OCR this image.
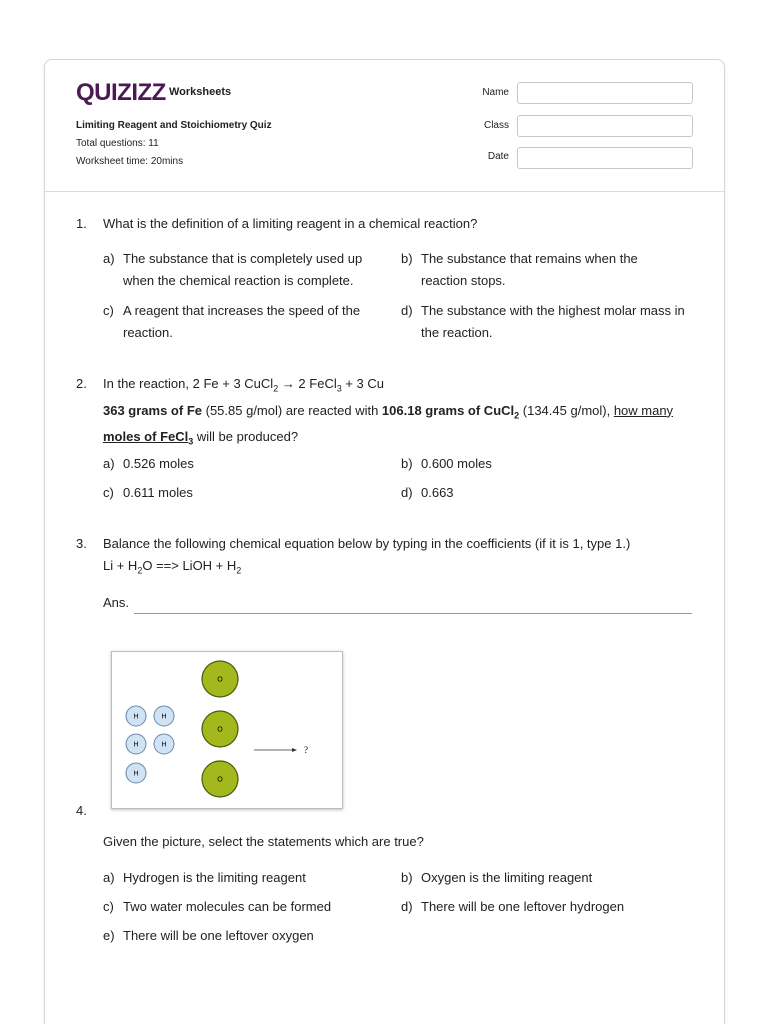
QUIZIZZ Worksheets
Limiting Reagent and Stoichiometry Quiz
Total questions: 11
Worksheet time: 20mins
Name
Class
Date
1.	What is the definition of a limiting reagent in a chemical reaction?
a) The substance that is completely used up
when the chemical reaction is complete.
b) The substance that remains when the
reaction stops.
c) A reagent that increases the speed of the
reaction.
d) The substance with the highest molar mass in
the reaction.
2.	In the reaction, 2 Fe + 3 CuCl$_2$ → 2 FeCl$_3$ + 3 Cu
363 grams of Fe (55.85 g/mol) are reacted with 106.18 grams of CuCl$_2$ (134.45 g/mol), how many
moles of FeCl$_3$ will be produced?
a) 0.526 moles	b) 0.600 moles
c) 0.611 moles	d) 0.663
3.	Balance the following chemical equation below by typing in the coefficients (if it is 1, type 1.)
$Li + H_2O$ ==> LiOH + $H_2$
Ans.
H	H
H	H
H
O
O
O
?
4.
Given the picture, select the statements which are true?
a) Hydrogen is the limiting reagent	b) Oxygen is the limiting reagent
c) Two water molecules can be formed	d) There will be one leftover hydrogen
e) There will be one leftover oxygen
